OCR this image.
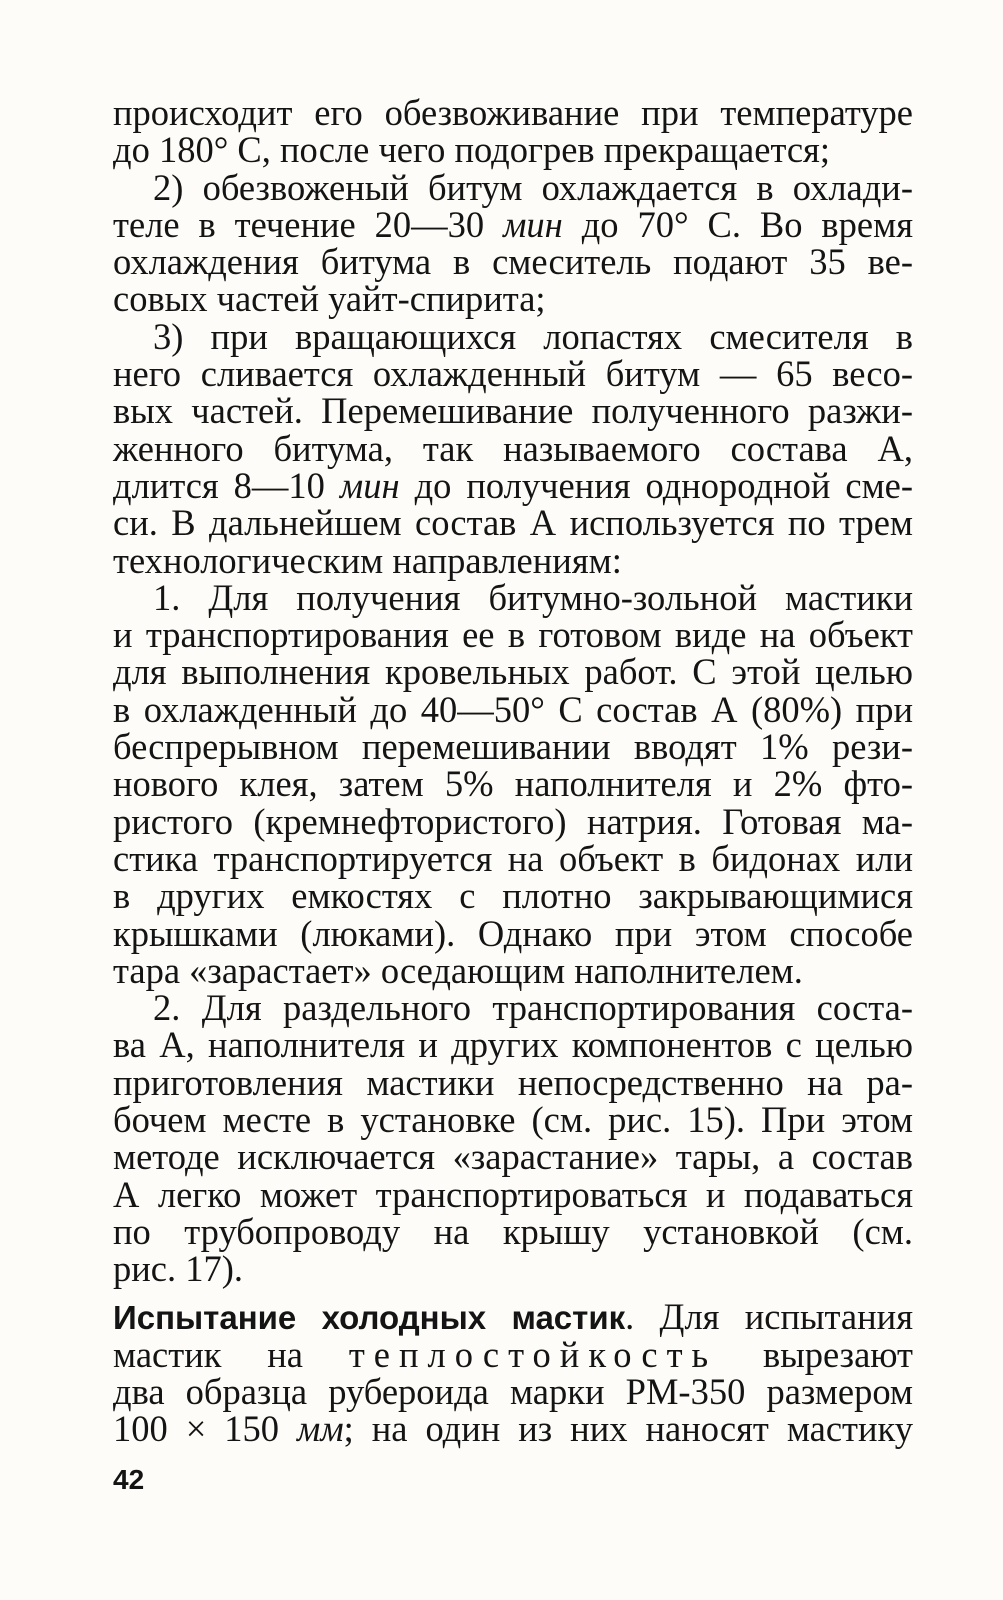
происходит его обезвоживание при температуре
до 180° С, после чего подогрев прекращается;

2) обезвоженый битум охлаждается в охлади-
теле в течение 20—30 мин до 70° С. Во время
охлаждения битума в смеситель подают 35 ве-
совых частей уайт-спирита;

3) при вращающихся лопастях смесителя в
него сливается охлажденный битум — 65 весо-
вых частей. Перемешивание полученного разжи-
женного битума, так называемого состава А,
длится 8—10 мин до получения однородной сме-
си. В дальнейшем состав А используется по трем
технологическим направлениям:

1. Для получения битумно-зольной мастики
и транспортирования ее в готовом виде на объект
для выполнения кровельных работ. С этой целью
в охлажденный до 40—50° С состав А (80%) при
беспрерывном перемешивании вводят 1% рези-
нового клея, затем 5% наполнителя и 2% фто-
ристого (кремнефтористого) натрия. Готовая ма-
стика транспортируется на объект в бидонах или
в других емкостях с плотно закрывающимися
крышками (люками). Однако при этом способе
тара «зарастает» оседающим наполнителем.

2. Для раздельного транспортирования соста-
ва А, наполнителя и других компонентов с целью
приготовления мастики непосредственно на ра-
бочем месте в установке (см. рис. 15). При этом
методе исключается «зарастание» тары, а состав
А легко может транспортироваться и подаваться
по трубопроводу на крышу установкой (см.
рис. 17).

Испытание холодных мастик. Для испытания
мастик на теплостойкость вырезают
два образца рубероида марки РМ-350 размером
100 × 150 мм; на один из них наносят мастику

42
